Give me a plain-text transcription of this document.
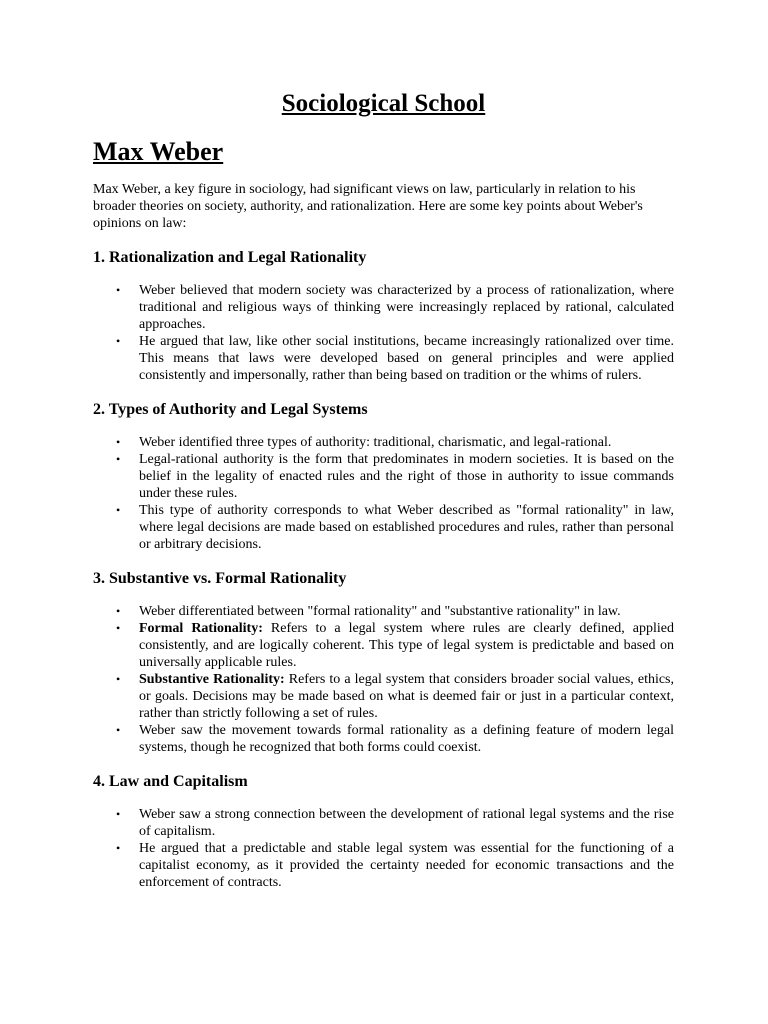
Sociological School
Max Weber

Max Weber, a key figure in sociology, had significant views on law, particularly in relation to his broader theories on society, authority, and rationalization. Here are some key points about Weber's opinions on law:

1. Rationalization and Legal Rationality
• Weber believed that modern society was characterized by a process of rationalization, where traditional and religious ways of thinking were increasingly replaced by rational, calculated approaches.
• He argued that law, like other social institutions, became increasingly rationalized over time. This means that laws were developed based on general principles and were applied consistently and impersonally, rather than being based on tradition or the whims of rulers.
2. Types of Authority and Legal Systems
• Weber identified three types of authority: traditional, charismatic, and legal-rational.
• Legal-rational authority is the form that predominates in modern societies. It is based on the belief in the legality of enacted rules and the right of those in authority to issue commands under these rules.
• This type of authority corresponds to what Weber described as "formal rationality" in law, where legal decisions are made based on established procedures and rules, rather than personal or arbitrary decisions.
3. Substantive vs. Formal Rationality
• Weber differentiated between "formal rationality" and "substantive rationality" in law.
• Formal Rationality: Refers to a legal system where rules are clearly defined, applied consistently, and are logically coherent. This type of legal system is predictable and based on universally applicable rules.
• Substantive Rationality: Refers to a legal system that considers broader social values, ethics, or goals. Decisions may be made based on what is deemed fair or just in a particular context, rather than strictly following a set of rules.
• Weber saw the movement towards formal rationality as a defining feature of modern legal systems, though he recognized that both forms could coexist.
4. Law and Capitalism
• Weber saw a strong connection between the development of rational legal systems and the rise of capitalism.
• He argued that a predictable and stable legal system was essential for the functioning of a capitalist economy, as it provided the certainty needed for economic transactions and the enforcement of contracts.
